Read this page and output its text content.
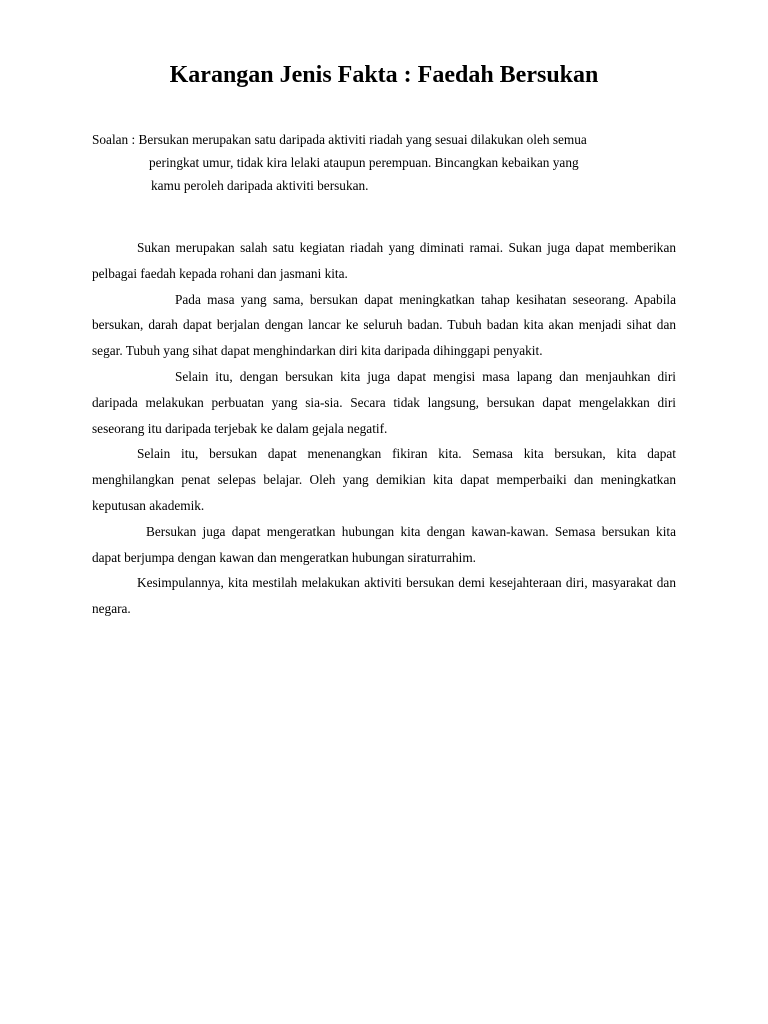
Karangan Jenis Fakta : Faedah Bersukan
Soalan : Bersukan merupakan satu daripada aktiviti riadah yang sesuai dilakukan oleh semua
peringkat umur, tidak kira lelaki ataupun perempuan. Bincangkan kebaikan yang
kamu peroleh daripada aktiviti bersukan.

Sukan merupakan salah satu kegiatan riadah yang diminati ramai. Sukan juga dapat memberikan pelbagai faedah kepada rohani dan jasmani kita.

Pada masa yang sama, bersukan dapat meningkatkan tahap kesihatan seseorang. Apabila bersukan, darah dapat berjalan dengan lancar ke seluruh badan. Tubuh badan kita akan menjadi sihat dan segar. Tubuh yang sihat dapat menghindarkan diri kita daripada dihinggapi penyakit.

Selain itu, dengan bersukan kita juga dapat mengisi masa lapang dan menjauhkan diri daripada melakukan perbuatan yang sia-sia. Secara tidak langsung, bersukan dapat mengelakkan diri seseorang itu daripada terjebak ke dalam gejala negatif.

Selain itu, bersukan dapat menenangkan fikiran kita. Semasa kita bersukan, kita dapat menghilangkan penat selepas belajar. Oleh yang demikian kita dapat memperbaiki dan meningkatkan keputusan akademik.

Bersukan juga dapat mengeratkan hubungan kita dengan kawan-kawan. Semasa bersukan kita dapat berjumpa dengan kawan dan mengeratkan hubungan siraturrahim.

Kesimpulannya, kita mestilah melakukan aktiviti bersukan demi kesejahteraan diri, masyarakat dan negara.
